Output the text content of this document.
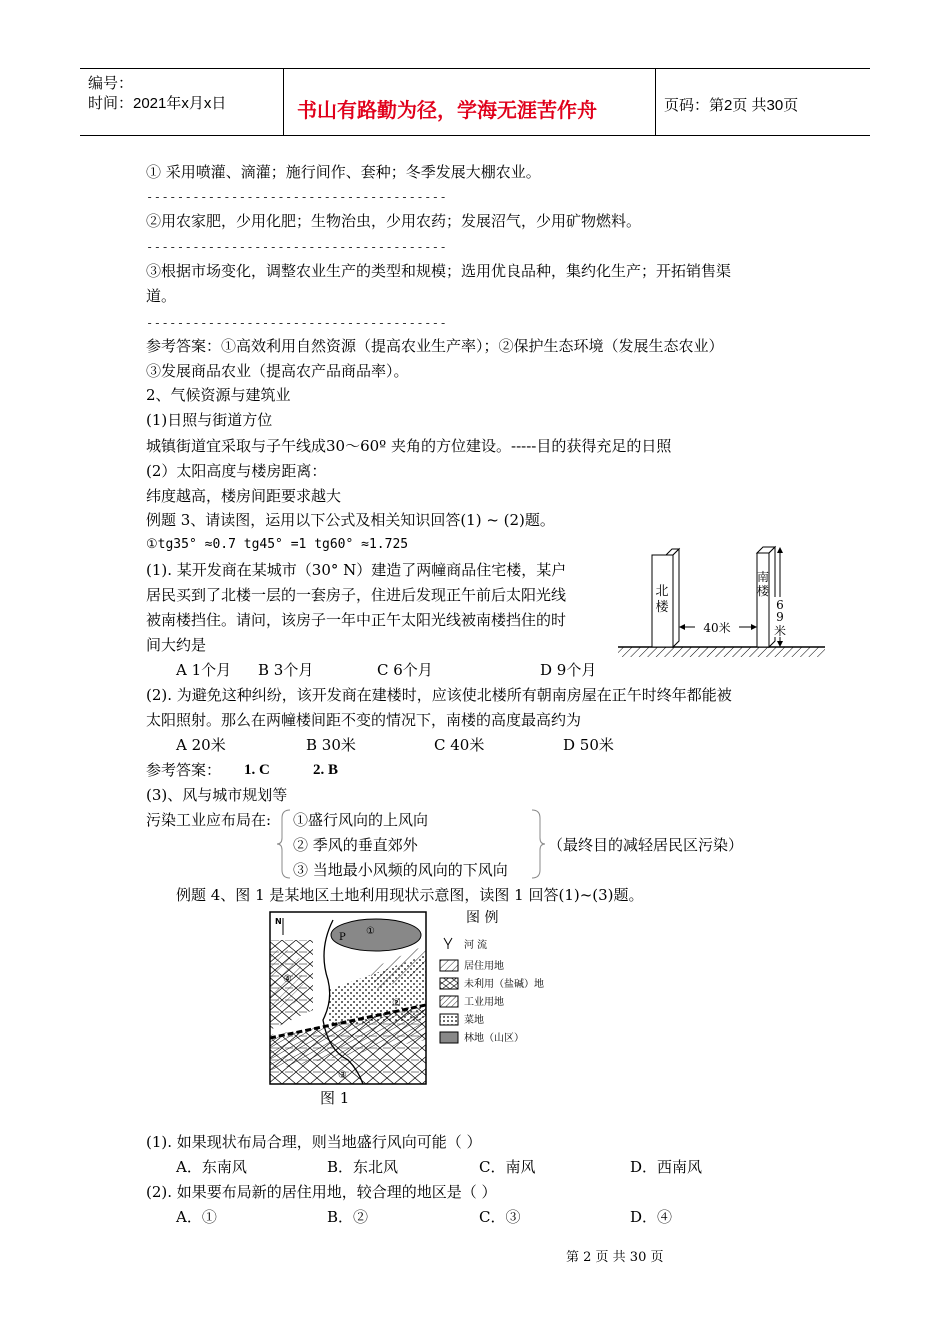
编号：
时间：2021年x月x日	书山有路勤为径，学海无涯苦作舟	页码：第2页 共30页
① 采用喷灌、滴灌；施行间作、套种；冬季发展大棚农业。
---------------------------------------
②用农家肥，少用化肥；生物治虫，少用农药；发展沼气，少用矿物燃料。
---------------------------------------
③根据市场变化，调整农业生产的类型和规模；选用优良品种，集约化生产；开拓销售渠
道。
---------------------------------------
参考答案：①高效利用自然资源（提高农业生产率）；②保护生态环境（发展生态农业）
③发展商品农业（提高农产品商品率）。
2、气候资源与建筑业
(1)日照与街道方位
城镇街道宜采取与子午线成30～60º 夹角的方位建设。-----目的获得充足的日照
(2）太阳高度与楼房距离：
纬度越高，楼房间距要求越大
例题 3、请读图，运用以下公式及相关知识回答(1) ~ (2)题。
①tg35° ≈0.7 tg45° =1 tg60° ≈1.725
(1). 某开发商在某城市（30° N）建造了两幢商品住宅楼，某户
居民买到了北楼一层的一套房子，住进后发现正午前后太阳光线
被南楼挡住。请问，该房子一年中正午太阳光线被南楼挡住的时
间大约是
A 1个月 B 3个月	C 6个月	D 9个月
(2). 为避免这种纠纷，该开发商在建楼时，应该使北楼所有朝南房屋在正午时终年都能被
太阳照射。那么在两幢楼间距不变的情况下，南楼的高度最高约为
A 20米	B 30米	C 40米	D 50米
参考答案： 1. C	2. B
40米
北
楼
南
楼
6
9
米
(3)、风与城市规划等
污染工业应布局在: ①盛行风向的上风向
② 季风的垂直郊外
③ 当地最小风频的风向的下风向
（最终目的减轻居民区污染）
例题 4、图 1 是某地区土地利用现状示意图，读图 1 回答(1)~(3)题。
N
P
①
②
③
④
图 1
图 例
河 流
居住用地
未利用（盐碱）地
工业用地
菜地
林地（山区）
(1). 如果现状布局合理，则当地盛行风向可能（ ）
A．东南风	B．东北风	C．南风	D．西南风
(2). 如果要布局新的居住用地，较合理的地区是（ ）
A．①	B．②	C．③	D．④
第 2 页 共 30 页
